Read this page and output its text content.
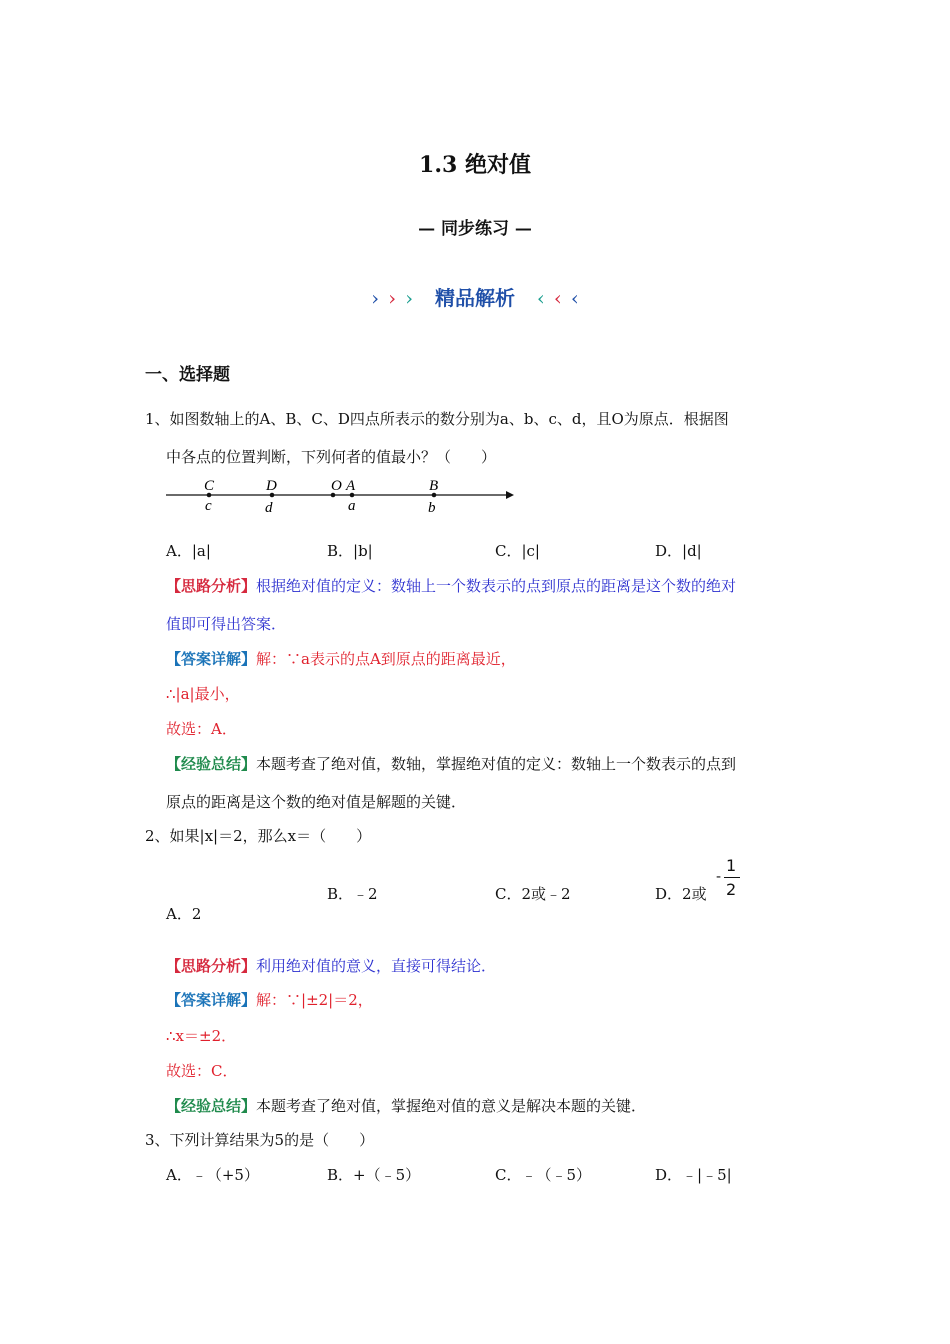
1.3 绝对值
— 同步练习 —
› › › 精品解析 ‹ ‹ ‹
一、选择题
1、如图数轴上的A、B、C、D四点所表示的数分别为a、b、c、d，且O为原点．根据图
中各点的位置判断，下列何者的值最小？（　　）
C
c
D
d
O A
a
B
b
A．|a|	B．|b|	C．|c|	D．|d|
【思路分析】根据绝对值的定义：数轴上一个数表示的点到原点的距离是这个数的绝对
值即可得出答案．
【答案详解】解：∵a表示的点A到原点的距离最近，
∴|a|最小，
故选：A．
【经验总结】本题考查了绝对值，数轴，掌握绝对值的定义：数轴上一个数表示的点到
原点的距离是这个数的绝对值是解题的关键．
2、如果|x|＝2，那么x＝（　　）
A．2
B．﹣2	C．2或﹣2	D．2或
-
1
2
【思路分析】利用绝对值的意义，直接可得结论．
【答案详解】解：∵|±2|＝2，
∴x＝±2．
故选：C．
【经验总结】本题考查了绝对值，掌握绝对值的意义是解决本题的关键．
3、下列计算结果为5的是（　　）
A．﹣（+5）	B．+（﹣5）	C．﹣（﹣5）	D．﹣|﹣5|
